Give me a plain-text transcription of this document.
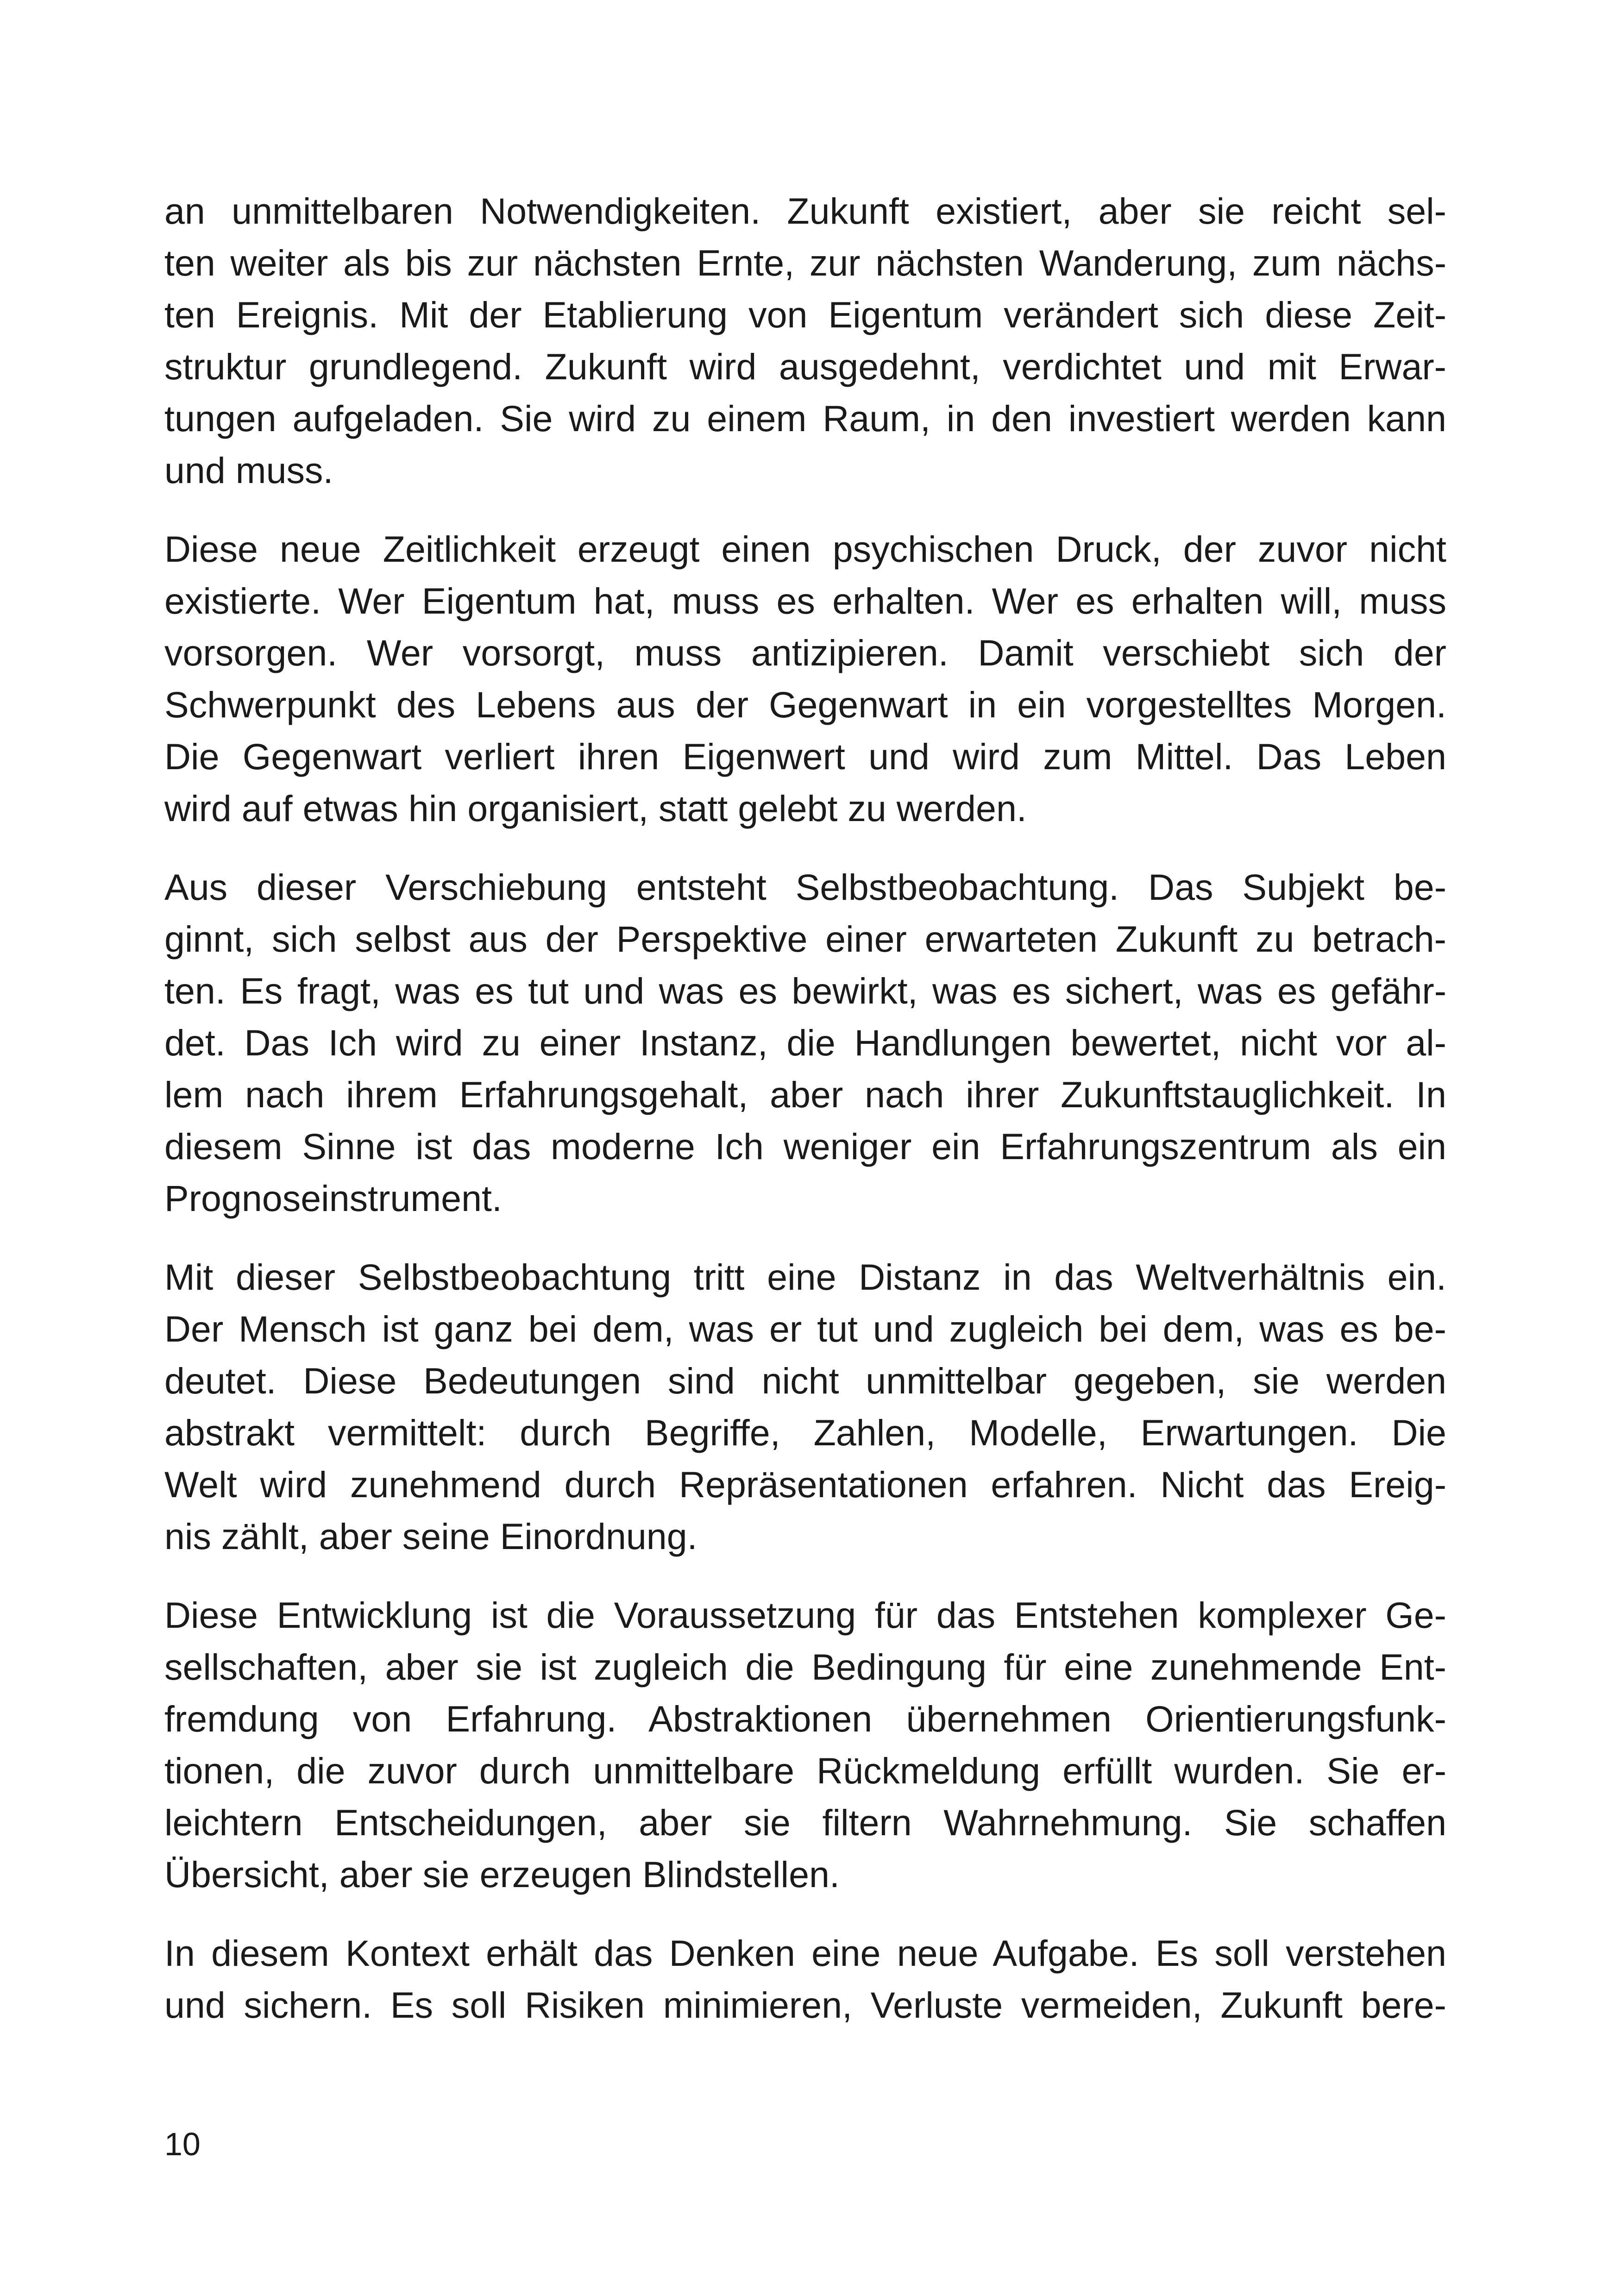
an unmittelbaren Notwendigkeiten. Zukunft existiert, aber sie reicht sel-
ten weiter als bis zur nächsten Ernte, zur nächsten Wanderung, zum nächs-
ten Ereignis. Mit der Etablierung von Eigentum verändert sich diese Zeit-
struktur grundlegend. Zukunft wird ausgedehnt, verdichtet und mit Erwar-
tungen aufgeladen. Sie wird zu einem Raum, in den investiert werden kann
und muss.

Diese neue Zeitlichkeit erzeugt einen psychischen Druck, der zuvor nicht
existierte. Wer Eigentum hat, muss es erhalten. Wer es erhalten will, muss
vorsorgen. Wer vorsorgt, muss antizipieren. Damit verschiebt sich der
Schwerpunkt des Lebens aus der Gegenwart in ein vorgestelltes Morgen.
Die Gegenwart verliert ihren Eigenwert und wird zum Mittel. Das Leben
wird auf etwas hin organisiert, statt gelebt zu werden.

Aus dieser Verschiebung entsteht Selbstbeobachtung. Das Subjekt be-
ginnt, sich selbst aus der Perspektive einer erwarteten Zukunft zu betrach-
ten. Es fragt, was es tut und was es bewirkt, was es sichert, was es gefähr-
det. Das Ich wird zu einer Instanz, die Handlungen bewertet, nicht vor al-
lem nach ihrem Erfahrungsgehalt, aber nach ihrer Zukunftstauglichkeit. In
diesem Sinne ist das moderne Ich weniger ein Erfahrungszentrum als ein
Prognoseinstrument.

Mit dieser Selbstbeobachtung tritt eine Distanz in das Weltverhältnis ein.
Der Mensch ist ganz bei dem, was er tut und zugleich bei dem, was es be-
deutet. Diese Bedeutungen sind nicht unmittelbar gegeben, sie werden
abstrakt vermittelt: durch Begriffe, Zahlen, Modelle, Erwartungen. Die
Welt wird zunehmend durch Repräsentationen erfahren. Nicht das Ereig-
nis zählt, aber seine Einordnung.

Diese Entwicklung ist die Voraussetzung für das Entstehen komplexer Ge-
sellschaften, aber sie ist zugleich die Bedingung für eine zunehmende Ent-
fremdung von Erfahrung. Abstraktionen übernehmen Orientierungsfunk-
tionen, die zuvor durch unmittelbare Rückmeldung erfüllt wurden. Sie er-
leichtern Entscheidungen, aber sie filtern Wahrnehmung. Sie schaffen
Übersicht, aber sie erzeugen Blindstellen.

In diesem Kontext erhält das Denken eine neue Aufgabe. Es soll verstehen
und sichern. Es soll Risiken minimieren, Verluste vermeiden, Zukunft bere-

10
